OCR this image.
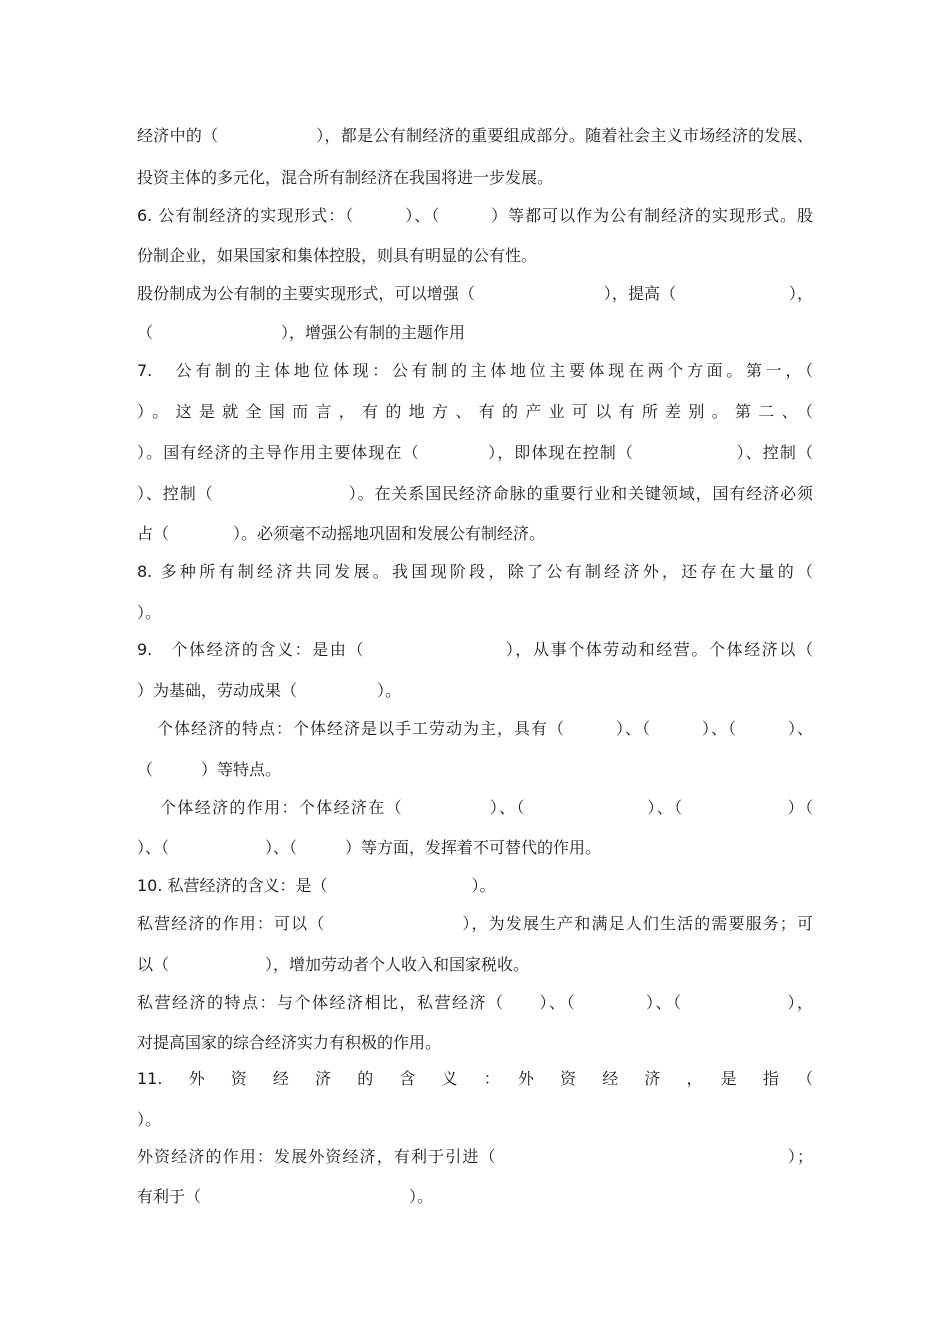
经济中的（　　　　　　），都是公有制经济的重要组成部分。随着社会主义市场经济的发展、
投资主体的多元化，混合所有制经济在我国将进一步发展。
6. 公有制经济的实现形式：（　　　）、（　　　）等都可以作为公有制经济的实现形式。股
份制企业，如果国家和集体控股，则具有明显的公有性。
股份制成为公有制的主要实现形式，可以增强（　　　　　　　　），提高（　　　　　　　），
（　　　　　　　　），增强公有制的主题作用
7.　公有制的主体地位体现：公有制的主体地位主要体现在两个方面。第一，（
）。这是就全国而言，有的地方、有的产业可以有所差别。第二、（
）。国有经济的主导作用主要体现在（　　　　），即体现在控制（　　　　　　）、控制（
）、控制（　　　　　　　　）。在关系国民经济命脉的重要行业和关键领域，国有经济必须
占（　　　　）。必须毫不动摇地巩固和发展公有制经济。
8. 多种所有制经济共同发展。我国现阶段，除了公有制经济外，还存在大量的（
）。
9.　个体经济的含义：是由（　　　　　　　　），从事个体劳动和经营。个体经济以（
）为基础，劳动成果（　　　　　）。
个体经济的特点：个体经济是以手工劳动为主，具有（　　　）、（　　　）、（　　　）、
（　　　）等特点。
个体经济的作用：个体经济在（　　　　　）、（　　　　　　　）、（　　　　　　）（
）、（　　　　　　）、（　　　）等方面，发挥着不可替代的作用。
10. 私营经济的含义：是（　　　　　　　　　）。
私营经济的作用：可以（　　　　　　　　），为发展生产和满足人们生活的需要服务；可
以（　　　　　　），增加劳动者个人收入和国家税收。
私营经济的特点：与个体经济相比，私营经济（　　）、（　　　　）、（　　　　　　），
对提高国家的综合经济实力有积极的作用。
11.　外　资　经　济　的　含　义　：　外　资　经　济　，　是　指　（
）。
外资经济的作用：发展外资经济，有利于引进（　　　　　　　　　　　　　　　　　）；
有利于（　　　　　　　　　　　　　）。
